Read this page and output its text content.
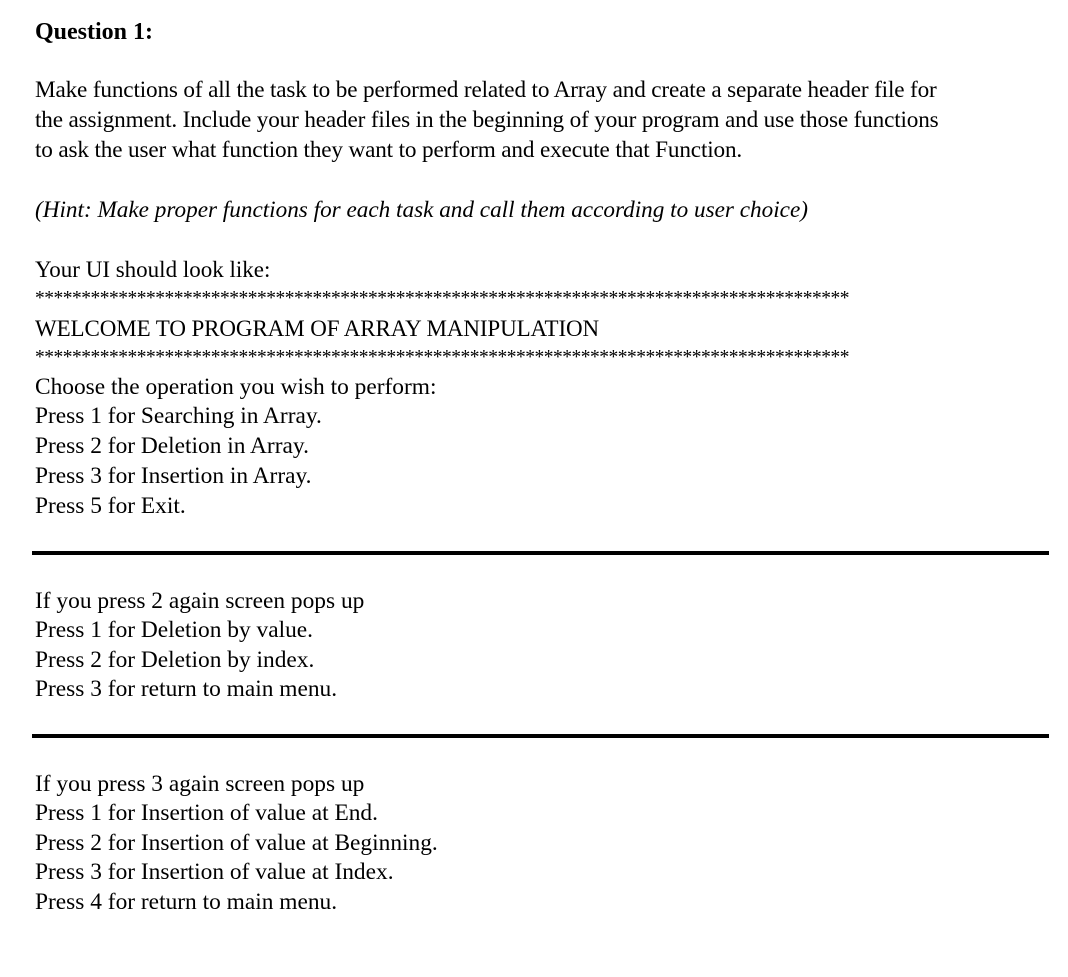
Question 1:
Make functions of all the task to be performed related to Array and create a separate header file for
the assignment. Include your header files in the beginning of your program and use those functions
to ask the user what function they want to perform and execute that Function.
(Hint: Make proper functions for each task and call them according to user choice)
Your UI should look like:
****************************************************************************************
WELCOME TO PROGRAM OF ARRAY MANIPULATION
****************************************************************************************
Choose the operation you wish to perform:
Press 1 for Searching in Array.
Press 2 for Deletion in Array.
Press 3 for Insertion in Array.
Press 5 for Exit.
If you press 2 again screen pops up
Press 1 for Deletion by value.
Press 2 for Deletion by index.
Press 3 for return to main menu.
If you press 3 again screen pops up
Press 1 for Insertion of value at End.
Press 2 for Insertion of value at Beginning.
Press 3 for Insertion of value at Index.
Press 4 for return to main menu.
